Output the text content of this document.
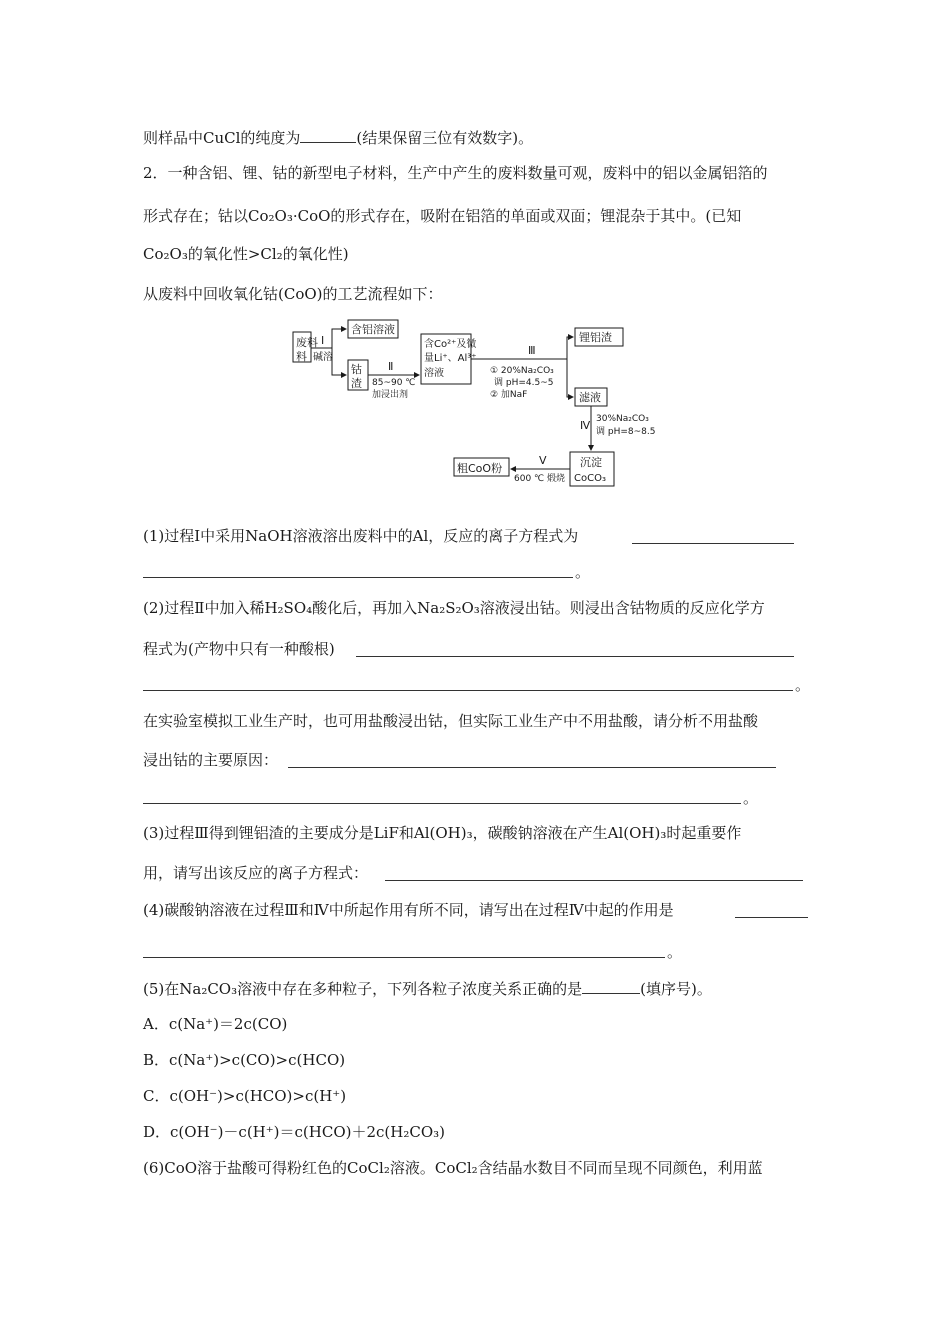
则样品中CuCl的纯度为	(结果保留三位有效数字)。
2．一种含铝、锂、钴的新型电子材料，生产中产生的废料数量可观，废料中的铝以金属铝箔的
形式存在；钴以Co₂O₃·CoO的形式存在，吸附在铝箔的单面或双面；锂混杂于其中。(已知
Co₂O₃的氧化性>Cl₂的氧化性)
从废料中回收氧化钴(CoO)的工艺流程如下：
废料
料
Ⅰ
碱溶
含铝溶液
钴
渣
Ⅱ
85~90 ℃
加浸出剂
含Co²⁺及微
量Li⁺、Al³⁺
溶液
Ⅲ
① 20%Na₂CO₃
调 pH=4.5~5
② 加NaF
锂铝渣
滤液
Ⅳ 30%Na₂CO₃
调 pH=8~8.5
沉淀
CoCO₃
Ⅴ
600 ℃ 煅烧
粗CoO粉
(1)过程Ⅰ中采用NaOH溶液溶出废料中的Al，反应的离子方程式为
。
(2)过程Ⅱ中加入稀H₂SO₄酸化后，再加入Na₂S₂O₃溶液浸出钴。则浸出含钴物质的反应化学方
程式为(产物中只有一种酸根)
。
在实验室模拟工业生产时，也可用盐酸浸出钴，但实际工业生产中不用盐酸，请分析不用盐酸
浸出钴的主要原因：
。
(3)过程Ⅲ得到锂铝渣的主要成分是LiF和Al(OH)₃，碳酸钠溶液在产生Al(OH)₃时起重要作
用，请写出该反应的离子方程式：
(4)碳酸钠溶液在过程Ⅲ和Ⅳ中所起作用有所不同，请写出在过程Ⅳ中起的作用是
。
(5)在Na₂CO₃溶液中存在多种粒子，下列各粒子浓度关系正确的是	(填序号)。
A．c(Na⁺)＝2c(CO)
B．c(Na⁺)>c(CO)>c(HCO)
C．c(OH⁻)>c(HCO)>c(H⁺)
D．c(OH⁻)－c(H⁺)＝c(HCO)＋2c(H₂CO₃)
(6)CoO溶于盐酸可得粉红色的CoCl₂溶液。CoCl₂含结晶水数目不同而呈现不同颜色，利用蓝
